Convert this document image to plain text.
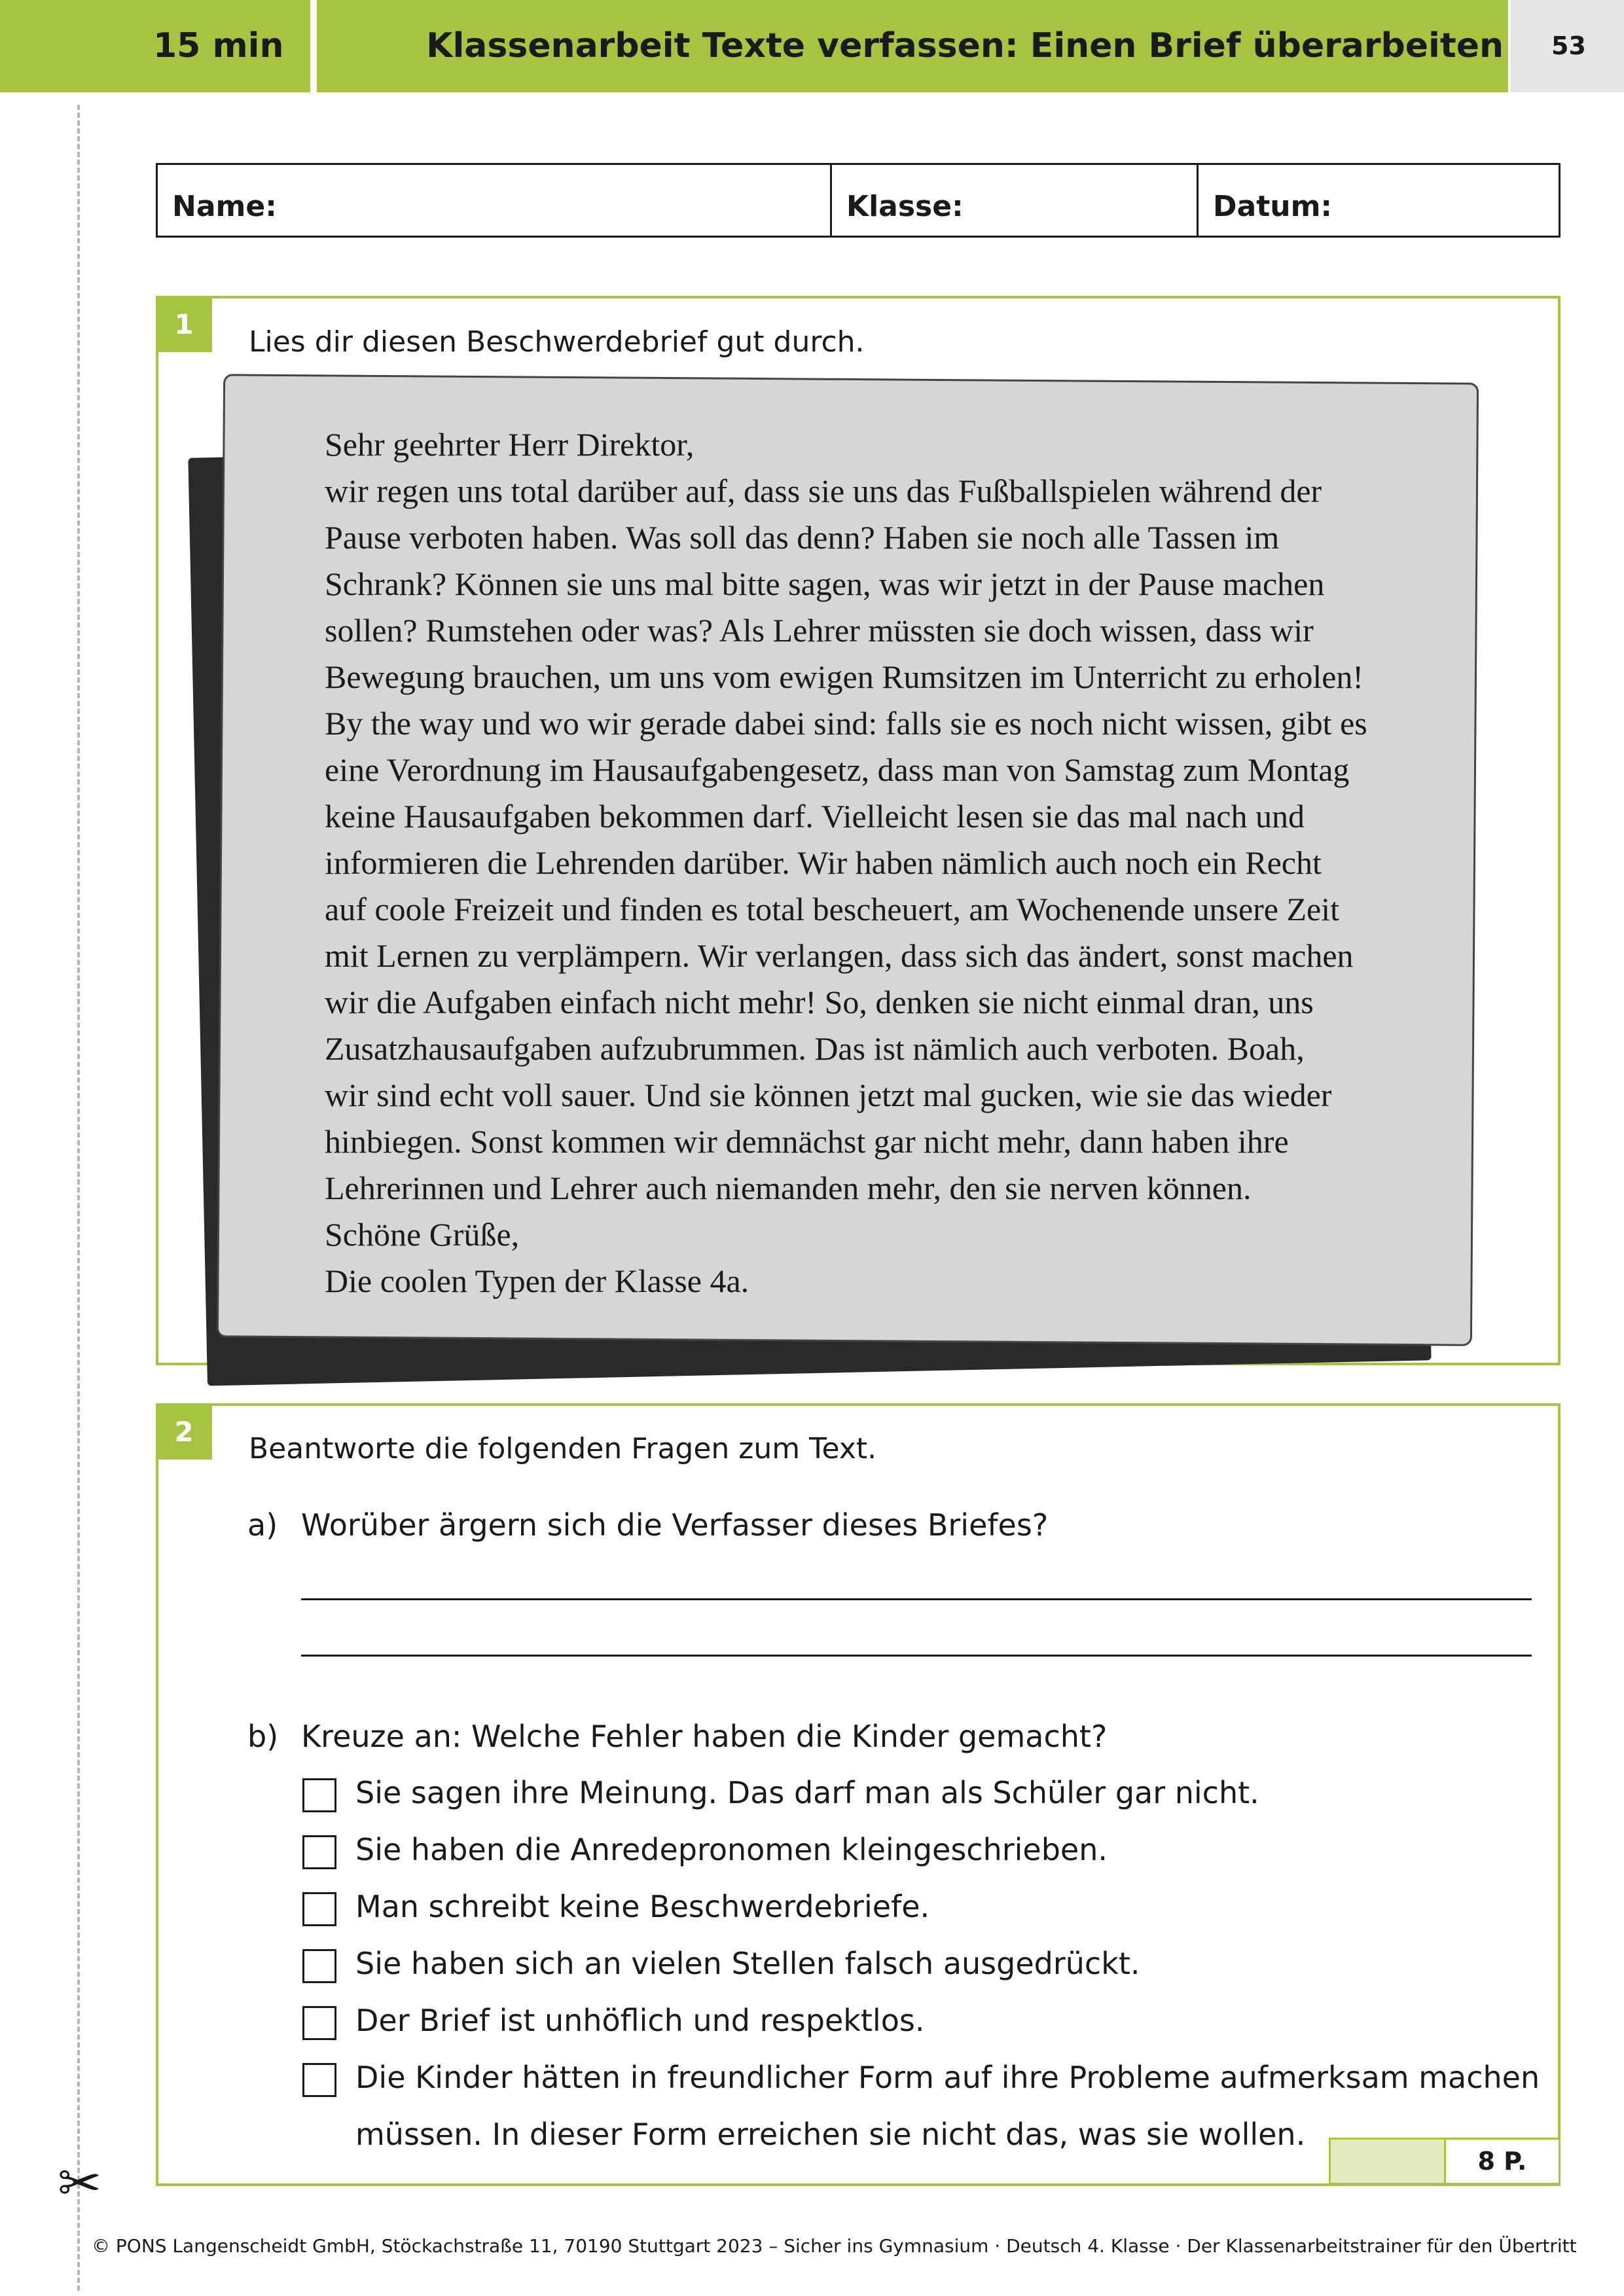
15 min	Klassenarbeit Texte verfassen: Einen Brief überarbeiten 53
✂
Name:	Klasse:	Datum:
1
Lies dir diesen Beschwerdebrief gut durch.
Sehr geehrter Herr Direktor,
wir regen uns total darüber auf, dass sie uns das Fußballspielen während der
Pause verboten haben. Was soll das denn? Haben sie noch alle Tassen im
Schrank? Können sie uns mal bitte sagen, was wir jetzt in der Pause machen
sollen? Rumstehen oder was? Als Lehrer müssten sie doch wissen, dass wir
Bewegung brauchen, um uns vom ewigen Rumsitzen im Unterricht zu erholen!
By the way und wo wir gerade dabei sind: falls sie es noch nicht wissen, gibt es
eine Verordnung im Hausaufgabengesetz, dass man von Samstag zum Montag
keine Hausaufgaben bekommen darf. Vielleicht lesen sie das mal nach und
informieren die Lehrenden darüber. Wir haben nämlich auch noch ein Recht
auf coole Freizeit und finden es total bescheuert, am Wochenende unsere Zeit
mit Lernen zu verplämpern. Wir verlangen, dass sich das ändert, sonst machen
wir die Aufgaben einfach nicht mehr! So, denken sie nicht einmal dran, uns
Zusatzhausaufgaben aufzubrummen. Das ist nämlich auch verboten. Boah,
wir sind echt voll sauer. Und sie können jetzt mal gucken, wie sie das wieder
hinbiegen. Sonst kommen wir demnächst gar nicht mehr, dann haben ihre
Lehrerinnen und Lehrer auch niemanden mehr, den sie nerven können.
Schöne Grüße,
Die coolen Typen der Klasse 4a.
2
Beantworte die folgenden Fragen zum Text.
a) Worüber ärgern sich die Verfasser dieses Briefes?
b) Kreuze an: Welche Fehler haben die Kinder gemacht?
Sie sagen ihre Meinung. Das darf man als Schüler gar nicht.
Sie haben die Anredepronomen kleingeschrieben.
Man schreibt keine Beschwerdebriefe.
Sie haben sich an vielen Stellen falsch ausgedrückt.
Der Brief ist unhöflich und respektlos.
Die Kinder hätten in freundlicher Form auf ihre Probleme aufmerksam machen
müssen. In dieser Form erreichen sie nicht das, was sie wollen.
8 P.
© PONS Langenscheidt GmbH, Stöckachstraße 11, 70190 Stuttgart 2023 – Sicher ins Gymnasium · Deutsch 4. Klasse · Der Klassenarbeitstrainer für den Übertritt
